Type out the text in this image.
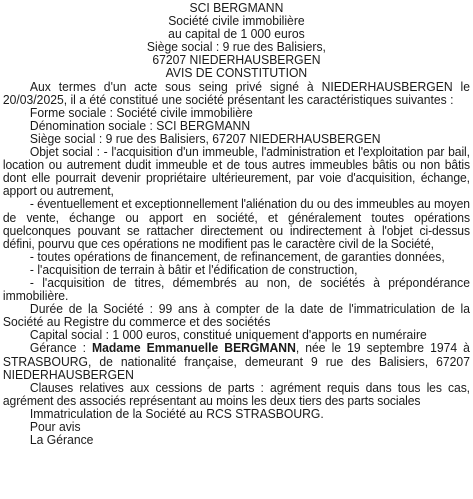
SCI BERGMANN
Société civile immobilière
au capital de 1 000 euros
Siège social : 9 rue des Balisiers,
67207 NIEDERHAUSBERGEN
AVIS DE CONSTITUTION
Aux termes d'un acte sous seing privé signé à NIEDERHAUSBERGEN le 20/03/2025, il a été constitué une société présentant les caractéristiques suivantes :
Forme sociale : Société civile immobilière
Dénomination sociale : SCI BERGMANN
Siège social : 9 rue des Balisiers, 67207 NIEDERHAUSBERGEN
Objet social : - l'acquisition d'un immeuble, l'administration et l'exploitation par bail, location ou autrement dudit immeuble et de tous autres immeubles bâtis ou non bâtis dont elle pourrait devenir propriétaire ultérieurement, par voie d'acquisition, échange, apport ou autrement,
- éventuellement et exceptionnellement l'aliénation du ou des immeubles au moyen de vente, échange ou apport en société, et généralement toutes opérations quelconques pouvant se rattacher directement ou indirectement à l'objet ci-dessus défini, pourvu que ces opérations ne modifient pas le caractère civil de la Société,
- toutes opérations de financement, de refinancement, de garanties données,
- l'acquisition de terrain à bâtir et l'édification de construction,
- l'acquisition de titres, démembrés au non, de sociétés à prépondérance immobilière.
Durée de la Société : 99 ans à compter de la date de l'immatriculation de la Société au Registre du commerce et des sociétés
Capital social : 1 000 euros, constitué uniquement d'apports en numéraire
Gérance : Madame Emmanuelle BERGMANN, née le 19 septembre 1974 à STRASBOURG, de nationalité française, demeurant 9 rue des Balisiers, 67207 NIEDERHAUSBERGEN
Clauses relatives aux cessions de parts : agrément requis dans tous les cas, agrément des associés représentant au moins les deux tiers des parts sociales
Immatriculation de la Société au RCS STRASBOURG.
Pour avis
La Gérance
